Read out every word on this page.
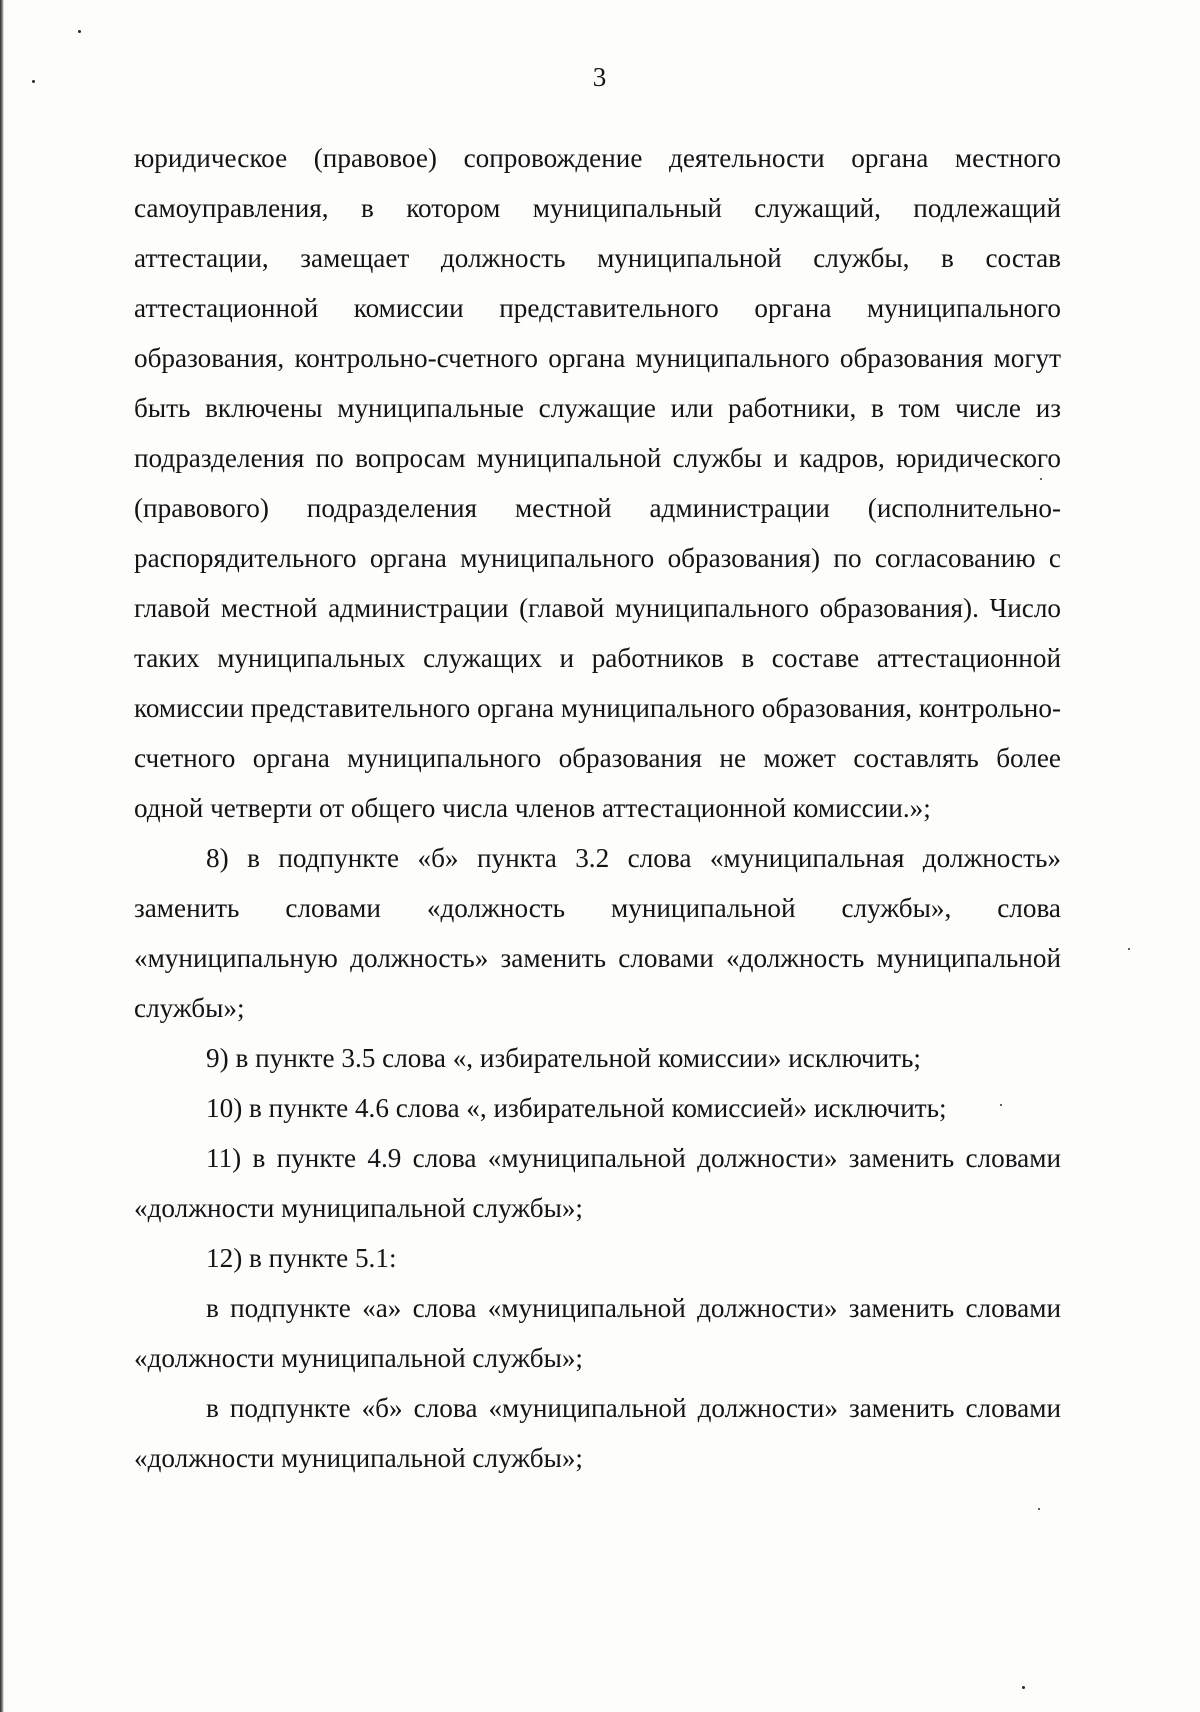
3

юридическое (правовое) сопровождение деятельности органа местного самоуправления, в котором муниципальный служащий, подлежащий аттестации, замещает должность муниципальной службы, в состав аттестационной комиссии представительного органа муниципального образования, контрольно-счетного органа муниципального образования могут быть включены муниципальные служащие или работники, в том числе из подразделения по вопросам муниципальной службы и кадров, юридического (правового) подразделения местной администрации (исполнительно-распорядительного органа муниципального образования) по согласованию с главой местной администрации (главой муниципального образования). Число таких муниципальных служащих и работников в составе аттестационной комиссии представительного органа муниципального образования, контрольно-счетного органа муниципального образования не может составлять более одной четверти от общего числа членов аттестационной комиссии.»;

8) в подпункте «б» пункта 3.2 слова «муниципальная должность» заменить словами «должность муниципальной службы», слова «муниципальную должность» заменить словами «должность муниципальной службы»;

9) в пункте 3.5 слова «, избирательной комиссии» исключить;

10) в пункте 4.6 слова «, избирательной комиссией» исключить;

11) в пункте 4.9 слова «муниципальной должности» заменить словами «должности муниципальной службы»;

12) в пункте 5.1:

в подпункте «а» слова «муниципальной должности» заменить словами «должности муниципальной службы»;

в подпункте «б» слова «муниципальной должности» заменить словами «должности муниципальной службы»;
